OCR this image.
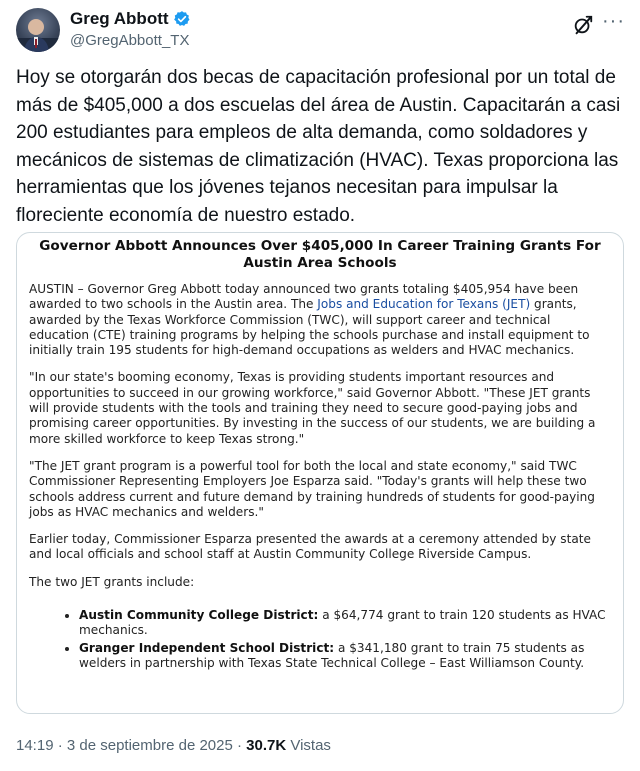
Greg Abbott
@GregAbbott_TX
···

Hoy se otorgarán dos becas de capacitación profesional por un total de más de $405,000 a dos escuelas del área de Austin. Capacitarán a casi 200 estudiantes para empleos de alta demanda, como soldadores y mecánicos de sistemas de climatización (HVAC). Texas proporciona las herramientas que los jóvenes tejanos necesitan para impulsar la floreciente economía de nuestro estado.

Governor Abbott Announces Over $405,000 In Career Training Grants For Austin Area Schools

AUSTIN – Governor Greg Abbott today announced two grants totaling $405,954 have been awarded to two schools in the Austin area. The Jobs and Education for Texans (JET) grants, awarded by the Texas Workforce Commission (TWC), will support career and technical education (CTE) training programs by helping the schools purchase and install equipment to initially train 195 students for high-demand occupations as welders and HVAC mechanics.

"In our state's booming economy, Texas is providing students important resources and opportunities to succeed in our growing workforce," said Governor Abbott. "These JET grants will provide students with the tools and training they need to secure good-paying jobs and promising career opportunities. By investing in the success of our students, we are building a more skilled workforce to keep Texas strong."

"The JET grant program is a powerful tool for both the local and state economy," said TWC Commissioner Representing Employers Joe Esparza said. "Today's grants will help these two schools address current and future demand by training hundreds of students for good-paying jobs as HVAC mechanics and welders."

Earlier today, Commissioner Esparza presented the awards at a ceremony attended by state and local officials and school staff at Austin Community College Riverside Campus.

The two JET grants include:

• Austin Community College District: a $64,774 grant to train 120 students as HVAC mechanics.
• Granger Independent School District: a $341,180 grant to train 75 students as welders in partnership with Texas State Technical College – East Williamson County.
14:19 · 3 de septiembre de 2025 · 30.7K Vistas
